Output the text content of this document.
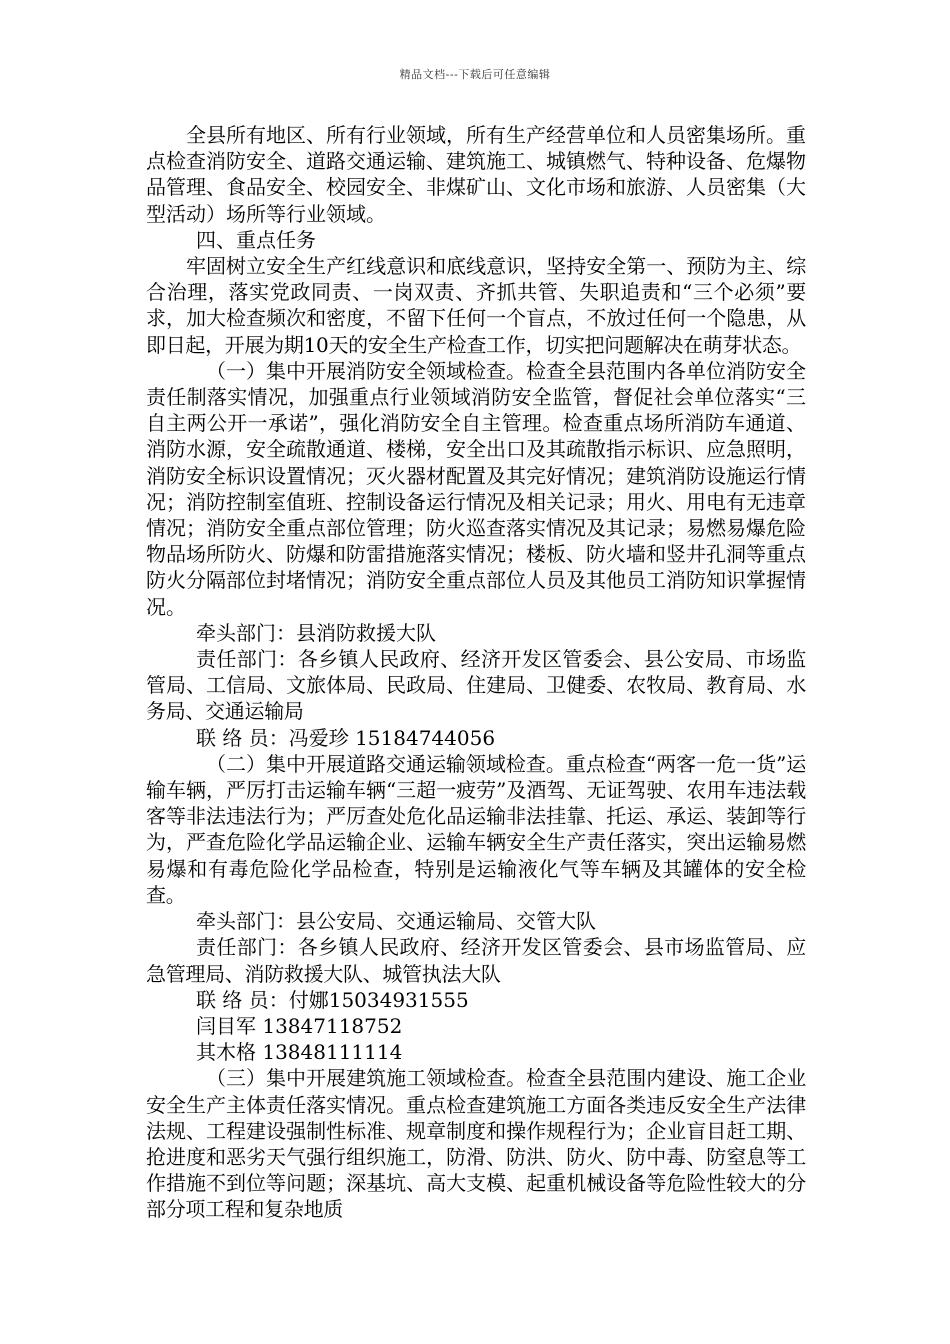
精品文档---下载后可任意编辑

全县所有地区、所有行业领域，所有生产经营单位和人员密集场所。重点检查消防安全、道路交通运输、建筑施工、城镇燃气、特种设备、危爆物品管理、食品安全、校园安全、非煤矿山、文化市场和旅游、人员密集（大型活动）场所等行业领域。

四、重点任务

牢固树立安全生产红线意识和底线意识，坚持安全第一、预防为主、综合治理，落实党政同责、一岗双责、齐抓共管、失职追责和“三个必须”要求，加大检查频次和密度，不留下任何一个盲点，不放过任何一个隐患，从即日起，开展为期10天的安全生产检查工作，切实把问题解决在萌芽状态。

（一）集中开展消防安全领域检查。检查全县范围内各单位消防安全责任制落实情况，加强重点行业领域消防安全监管，督促社会单位落实“三自主两公开一承诺”，强化消防安全自主管理。检查重点场所消防车通道、消防水源，安全疏散通道、楼梯，安全出口及其疏散指示标识、应急照明，消防安全标识设置情况；灭火器材配置及其完好情况；建筑消防设施运行情况；消防控制室值班、控制设备运行情况及相关记录；用火、用电有无违章情况；消防安全重点部位管理；防火巡查落实情况及其记录；易燃易爆危险物品场所防火、防爆和防雷措施落实情况；楼板、防火墙和竖井孔洞等重点防火分隔部位封堵情况；消防安全重点部位人员及其他员工消防知识掌握情况。

牵头部门：县消防救援大队

责任部门：各乡镇人民政府、经济开发区管委会、县公安局、市场监管局、工信局、文旅体局、民政局、住建局、卫健委、农牧局、教育局、水务局、交通运输局

联 络 员：冯爱珍 15184744056

（二）集中开展道路交通运输领域检查。重点检查“两客一危一货”运输车辆，严厉打击运输车辆“三超一疲劳”及酒驾、无证驾驶、农用车违法载客等非法违法行为；严厉查处危化品运输非法挂靠、托运、承运、装卸等行为，严查危险化学品运输企业、运输车辆安全生产责任落实，突出运输易燃易爆和有毒危险化学品检查，特别是运输液化气等车辆及其罐体的安全检查。

牵头部门：县公安局、交通运输局、交管大队

责任部门：各乡镇人民政府、经济开发区管委会、县市场监管局、应急管理局、消防救援大队、城管执法大队

联 络 员：付娜15034931555

闫目军 13847118752

其木格 13848111114

（三）集中开展建筑施工领域检查。检查全县范围内建设、施工企业安全生产主体责任落实情况。重点检查建筑施工方面各类违反安全生产法律法规、工程建设强制性标准、规章制度和操作规程行为；企业盲目赶工期、抢进度和恶劣天气强行组织施工，防滑、防洪、防火、防中毒、防窒息等工作措施不到位等问题；深基坑、高大支模、起重机械设备等危险性较大的分部分项工程和复杂地质
